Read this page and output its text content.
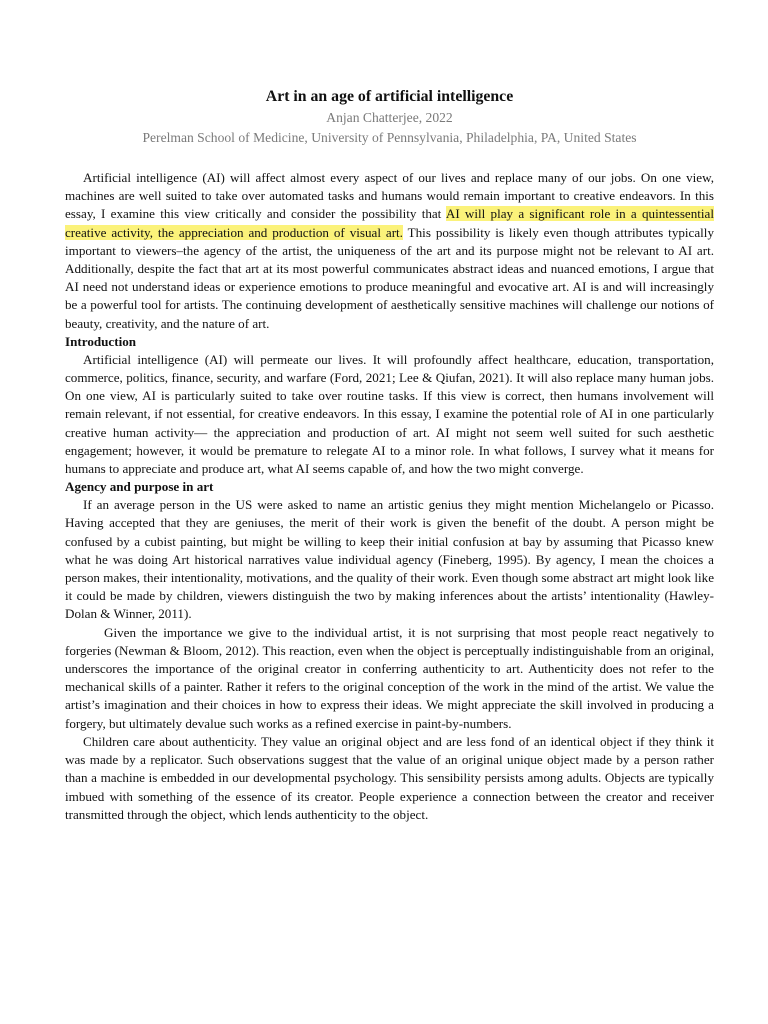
Art in an age of artificial intelligence

Anjan Chatterjee, 2022

Perelman School of Medicine, University of Pennsylvania, Philadelphia, PA, United States

Artificial intelligence (AI) will affect almost every aspect of our lives and replace many of our jobs. On one view, machines are well suited to take over automated tasks and humans would remain important to creative endeavors. In this essay, I examine this view critically and consider the possibility that AI will play a significant role in a quintessential creative activity, the appreciation and production of visual art. This possibility is likely even though attributes typically important to viewers–the agency of the artist, the uniqueness of the art and its purpose might not be relevant to AI art. Additionally, despite the fact that art at its most powerful communicates abstract ideas and nuanced emotions, I argue that AI need not understand ideas or experience emotions to produce meaningful and evocative art. AI is and will increasingly be a powerful tool for artists. The continuing development of aesthetically sensitive machines will challenge our notions of beauty, creativity, and the nature of art.

Introduction

Artificial intelligence (AI) will permeate our lives. It will profoundly affect healthcare, education, transportation, commerce, politics, finance, security, and warfare (Ford, 2021; Lee & Qiufan, 2021). It will also replace many human jobs. On one view, AI is particularly suited to take over routine tasks. If this view is correct, then humans involvement will remain relevant, if not essential, for creative endeavors. In this essay, I examine the potential role of AI in one particularly creative human activity— the appreciation and production of art. AI might not seem well suited for such aesthetic engagement; however, it would be premature to relegate AI to a minor role. In what follows, I survey what it means for humans to appreciate and produce art, what AI seems capable of, and how the two might converge.

Agency and purpose in art

If an average person in the US were asked to name an artistic genius they might mention Michelangelo or Picasso. Having accepted that they are geniuses, the merit of their work is given the benefit of the doubt. A person might be confused by a cubist painting, but might be willing to keep their initial confusion at bay by assuming that Picasso knew what he was doing Art historical narratives value individual agency (Fineberg, 1995). By agency, I mean the choices a person makes, their intentionality, motivations, and the quality of their work. Even though some abstract art might look like it could be made by children, viewers distinguish the two by making inferences about the artists’ intentionality (Hawley-Dolan & Winner, 2011).

Given the importance we give to the individual artist, it is not surprising that most people react negatively to forgeries (Newman & Bloom, 2012). This reaction, even when the object is perceptually indistinguishable from an original, underscores the importance of the original creator in conferring authenticity to art. Authenticity does not refer to the mechanical skills of a painter. Rather it refers to the original conception of the work in the mind of the artist. We value the artist’s imagination and their choices in how to express their ideas. We might appreciate the skill involved in producing a forgery, but ultimately devalue such works as a refined exercise in paint-by-numbers.

Children care about authenticity. They value an original object and are less fond of an identical object if they think it was made by a replicator. Such observations suggest that the value of an original unique object made by a person rather than a machine is embedded in our developmental psychology. This sensibility persists among adults. Objects are typically imbued with something of the essence of its creator. People experience a connection between the creator and receiver transmitted through the object, which lends authenticity to the object.
